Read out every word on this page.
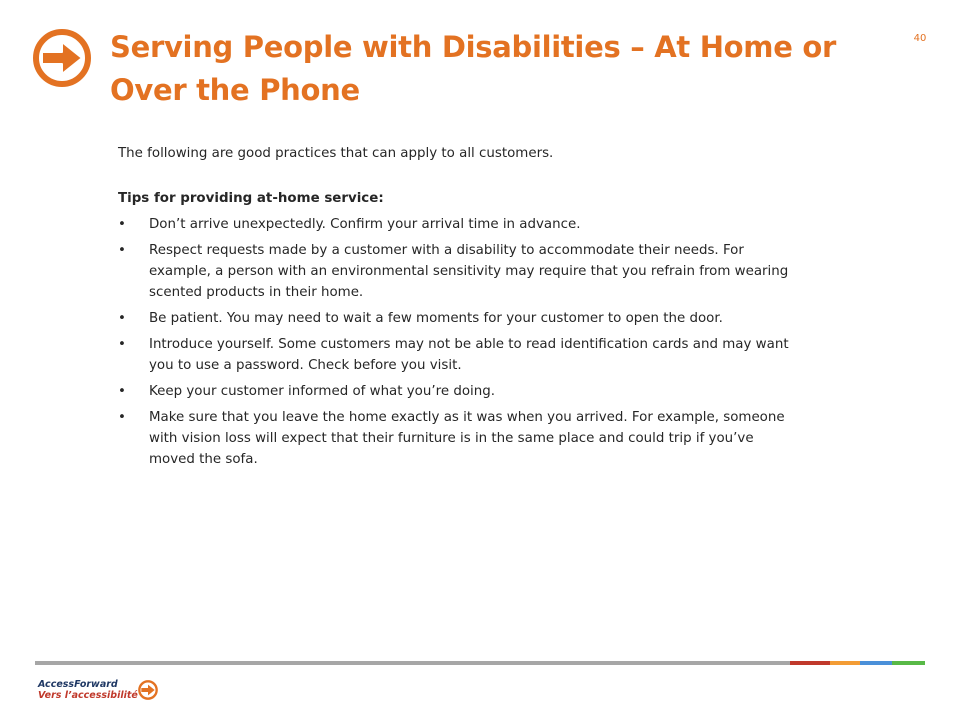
Serving People with Disabilities – At Home or Over the Phone
40

The following are good practices that can apply to all customers.

Tips for providing at-home service:

• Don’t arrive unexpectedly. Confirm your arrival time in advance.
• Respect requests made by a customer with a disability to accommodate their needs. For example, a person with an environmental sensitivity may require that you refrain from wearing scented products in their home.
• Be patient. You may need to wait a few moments for your customer to open the door.
• Introduce yourself. Some customers may not be able to read identification cards and may want you to use a password. Check before you visit.
• Keep your customer informed of what you’re doing.
• Make sure that you leave the home exactly as it was when you arrived. For example, someone with vision loss will expect that their furniture is in the same place and could trip if you’ve moved the sofa.
AccessForward
Vers l’accessibilité
